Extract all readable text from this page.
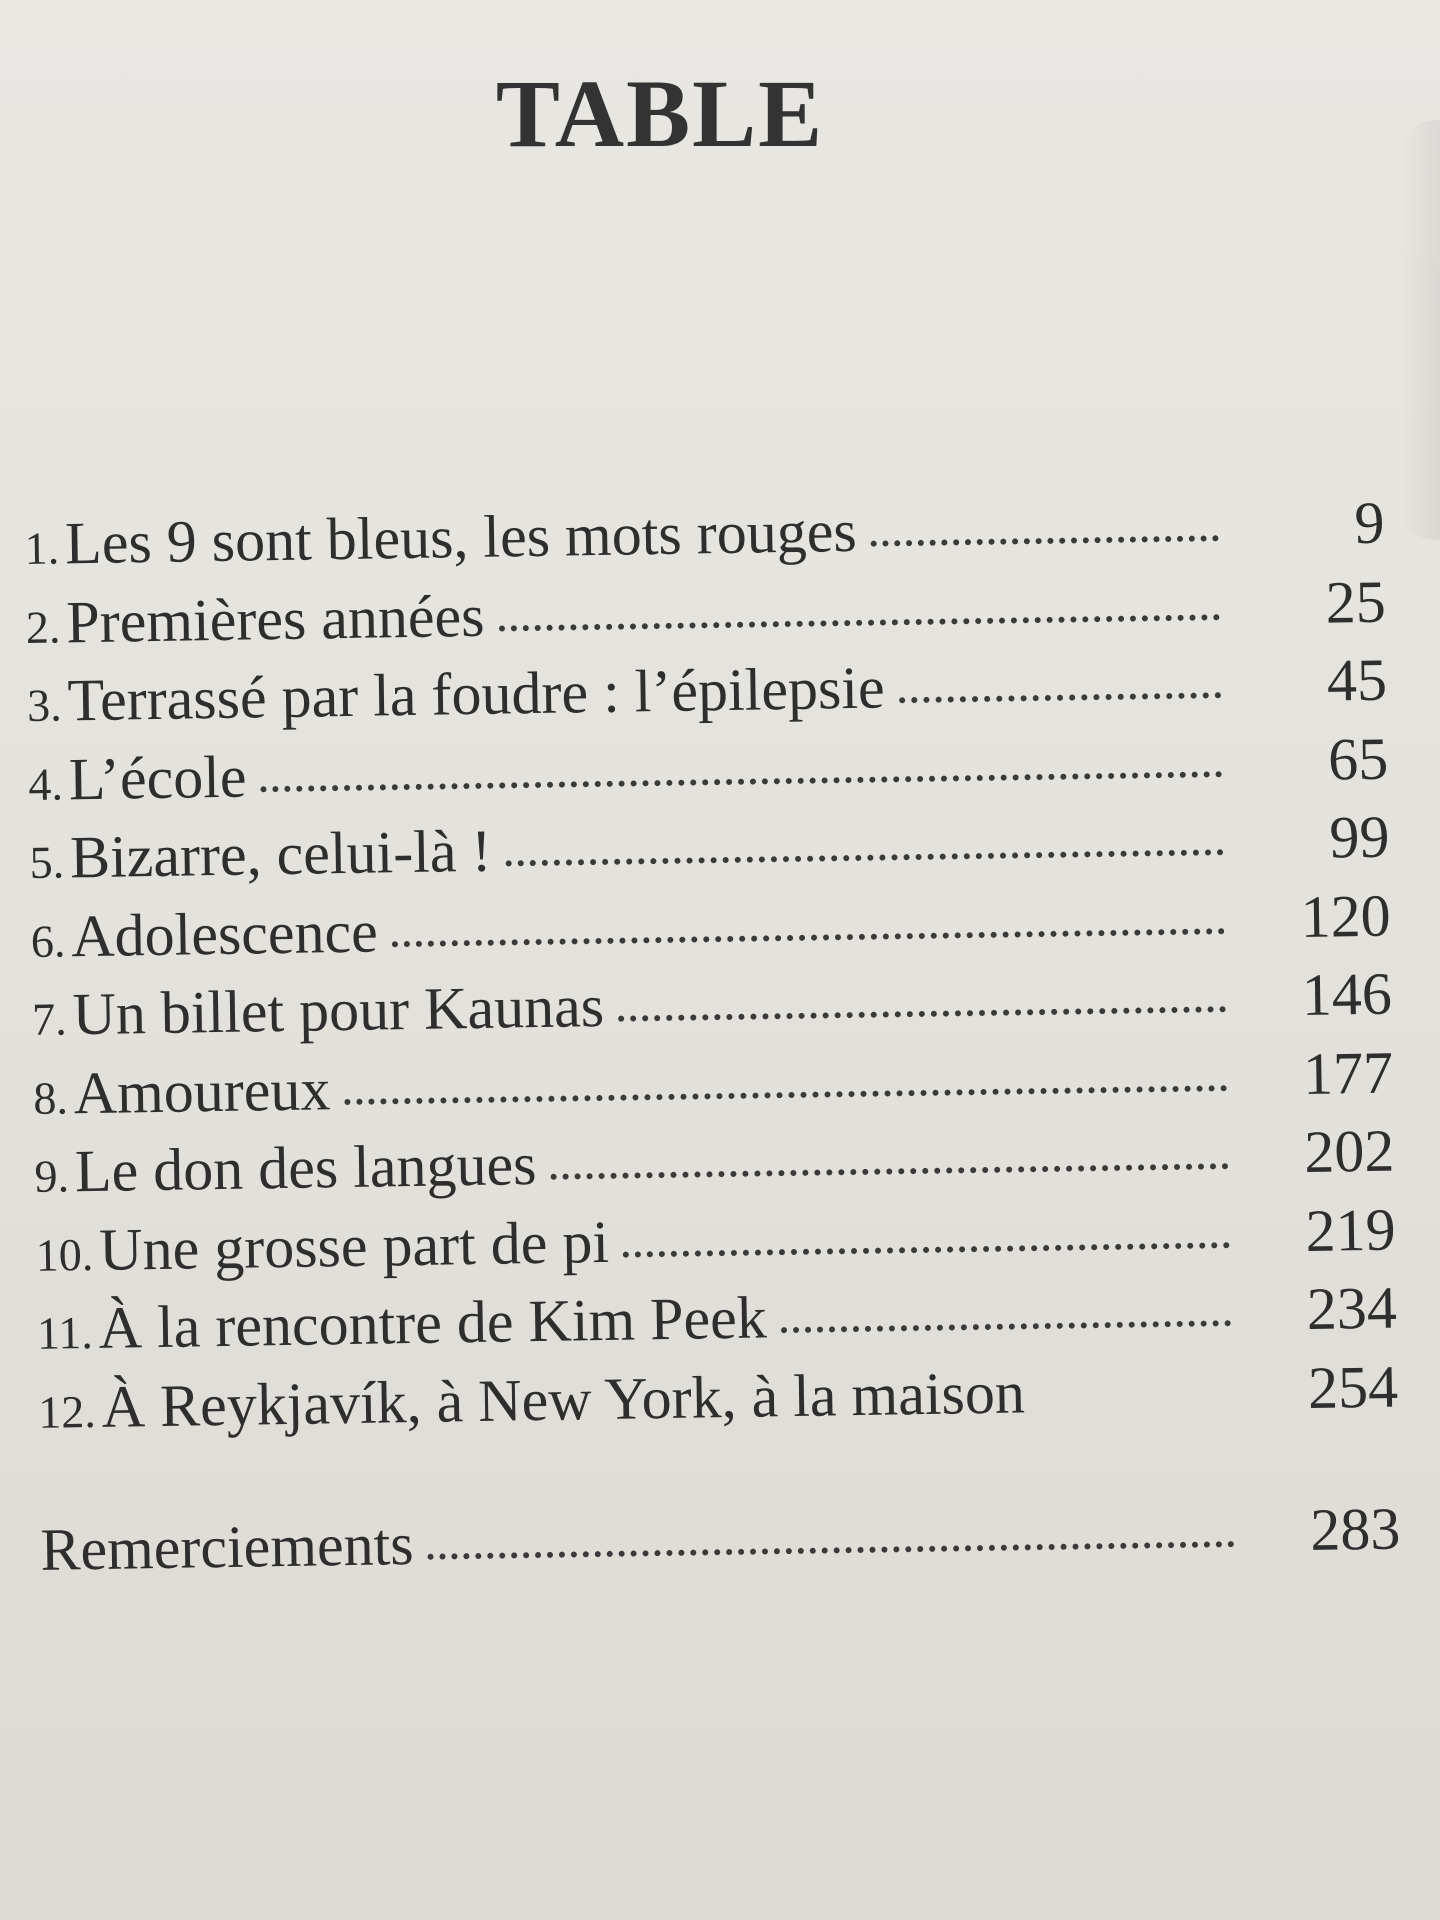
TABLE
1. Les 9 sont bleus, les mots rouges	9
2. Premières années	25
3. Terrassé par la foudre : l’épilepsie	45
4. L’école	65
5. Bizarre, celui-là !	99
6. Adolescence	120
7. Un billet pour Kaunas	146
8. Amoureux	177
9. Le don des langues	202
10. Une grosse part de pi	219
11. À la rencontre de Kim Peek	234
12. À Reykjavík, à New York, à la maison	254
Remerciements	283
